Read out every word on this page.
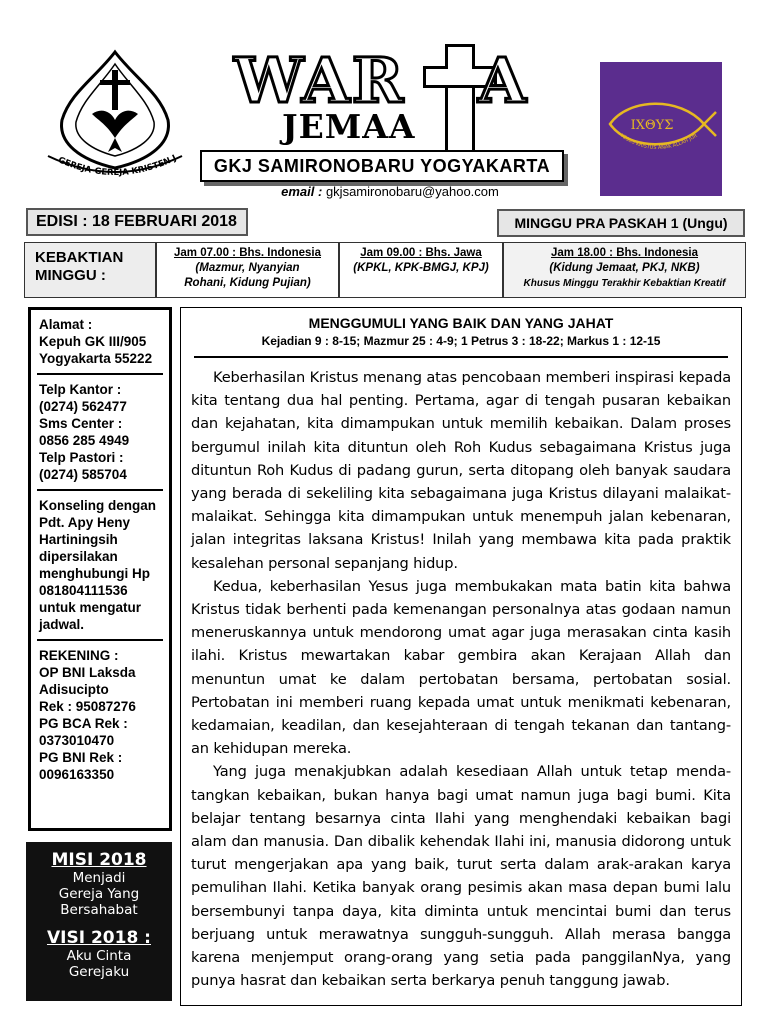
GEREJA-GEREJA KRISTEN J
WAR A
JEMAA
GKJ SAMIRONOBARU YOGYAKARTA
email : gkjsamironobaru@yahoo.com
ΙΧΘΥΣ
YESUS KRISTUS ANAK ALLAH JUR
EDISI : 18 FEBRUARI 2018	MINGGU PRA PASKAH 1 (Ungu)
KEBAKTIAN
MINGGU :
Jam 07.00 : Bhs. Indonesia
(Mazmur, Nyanyian
Rohani, Kidung Pujian)
Jam 09.00 : Bhs. Jawa
(KPKL, KPK-BMGJ, KPJ)
Jam 18.00 : Bhs. Indonesia
(Kidung Jemaat, PKJ, NKB)
Khusus Minggu Terakhir Kebaktian Kreatif
Alamat :
Kepuh GK III/905
Yogyakarta 55222
Telp Kantor :
(0274) 562477
Sms Center :
0856 285 4949
Telp Pastori :
(0274) 585704
Konseling dengan
Pdt. Apy Heny
Hartiningsih
dipersilakan
menghubungi Hp
081804111536
untuk mengatur
jadwal.
REKENING :
OP BNI Laksda
Adisucipto
Rek : 95087276
PG BCA Rek :
0373010470
PG BNI Rek :
0096163350
MISI 2018
Menjadi
Gereja Yang
Bersahabat
VISI 2018 :
Aku Cinta
Gerejaku
MENGGUMULI YANG BAIK DAN YANG JAHAT
Kejadian 9 : 8-15; Mazmur 25 : 4-9; 1 Petrus 3 : 18-22; Markus 1 : 12-15

Keberhasilan Kristus menang atas pencobaan memberi inspirasi kepada kita tentang dua hal penting. Pertama, agar di tengah pusaran kebaikan dan kejahatan, kita dimampukan untuk memilih kebaikan. Dalam proses bergumul inilah kita dituntun oleh Roh Kudus sebagaimana Kristus juga dituntun Roh Kudus di padang gurun, serta ditopang oleh banyak saudara yang berada di sekeliling kita sebagaimana juga Kristus dilayani malaikat-malaikat. Sehingga kita dimampukan untuk menempuh jalan kebenaran, jalan integritas laksana Kristus! Inilah yang membawa kita pada praktik kesalehan personal sepanjang hidup.

Kedua, keberhasilan Yesus juga membukakan mata batin kita bahwa Kristus tidak berhenti pada kemenangan personalnya atas godaan namun meneruskannya untuk mendorong umat agar juga merasakan cinta kasih ilahi. Kristus mewartakan kabar gembira akan Kerajaan Allah dan menuntun umat ke dalam pertobatan bersama, pertobatan sosial. Pertobatan ini memberi ruang kepada umat untuk menikmati kebenaran, kedamaian, keadilan, dan kesejahteraan di tengah tekanan dan tantang-an kehidupan mereka.

Yang juga menakjubkan adalah kesediaan Allah untuk tetap menda-tangkan kebaikan, bukan hanya bagi umat namun juga bagi bumi. Kita belajar tentang besarnya cinta Ilahi yang menghendaki kebaikan bagi alam dan manusia. Dan dibalik kehendak Ilahi ini, manusia didorong untuk turut mengerjakan apa yang baik, turut serta dalam arak-arakan karya pemulihan Ilahi. Ketika banyak orang pesimis akan masa depan bumi lalu bersembunyi tanpa daya, kita diminta untuk mencintai bumi dan terus berjuang untuk merawatnya sungguh-sungguh. Allah merasa bangga karena menjemput orang-orang yang setia pada panggilanNya, yang punya hasrat dan kebaikan serta berkarya penuh tanggung jawab.
